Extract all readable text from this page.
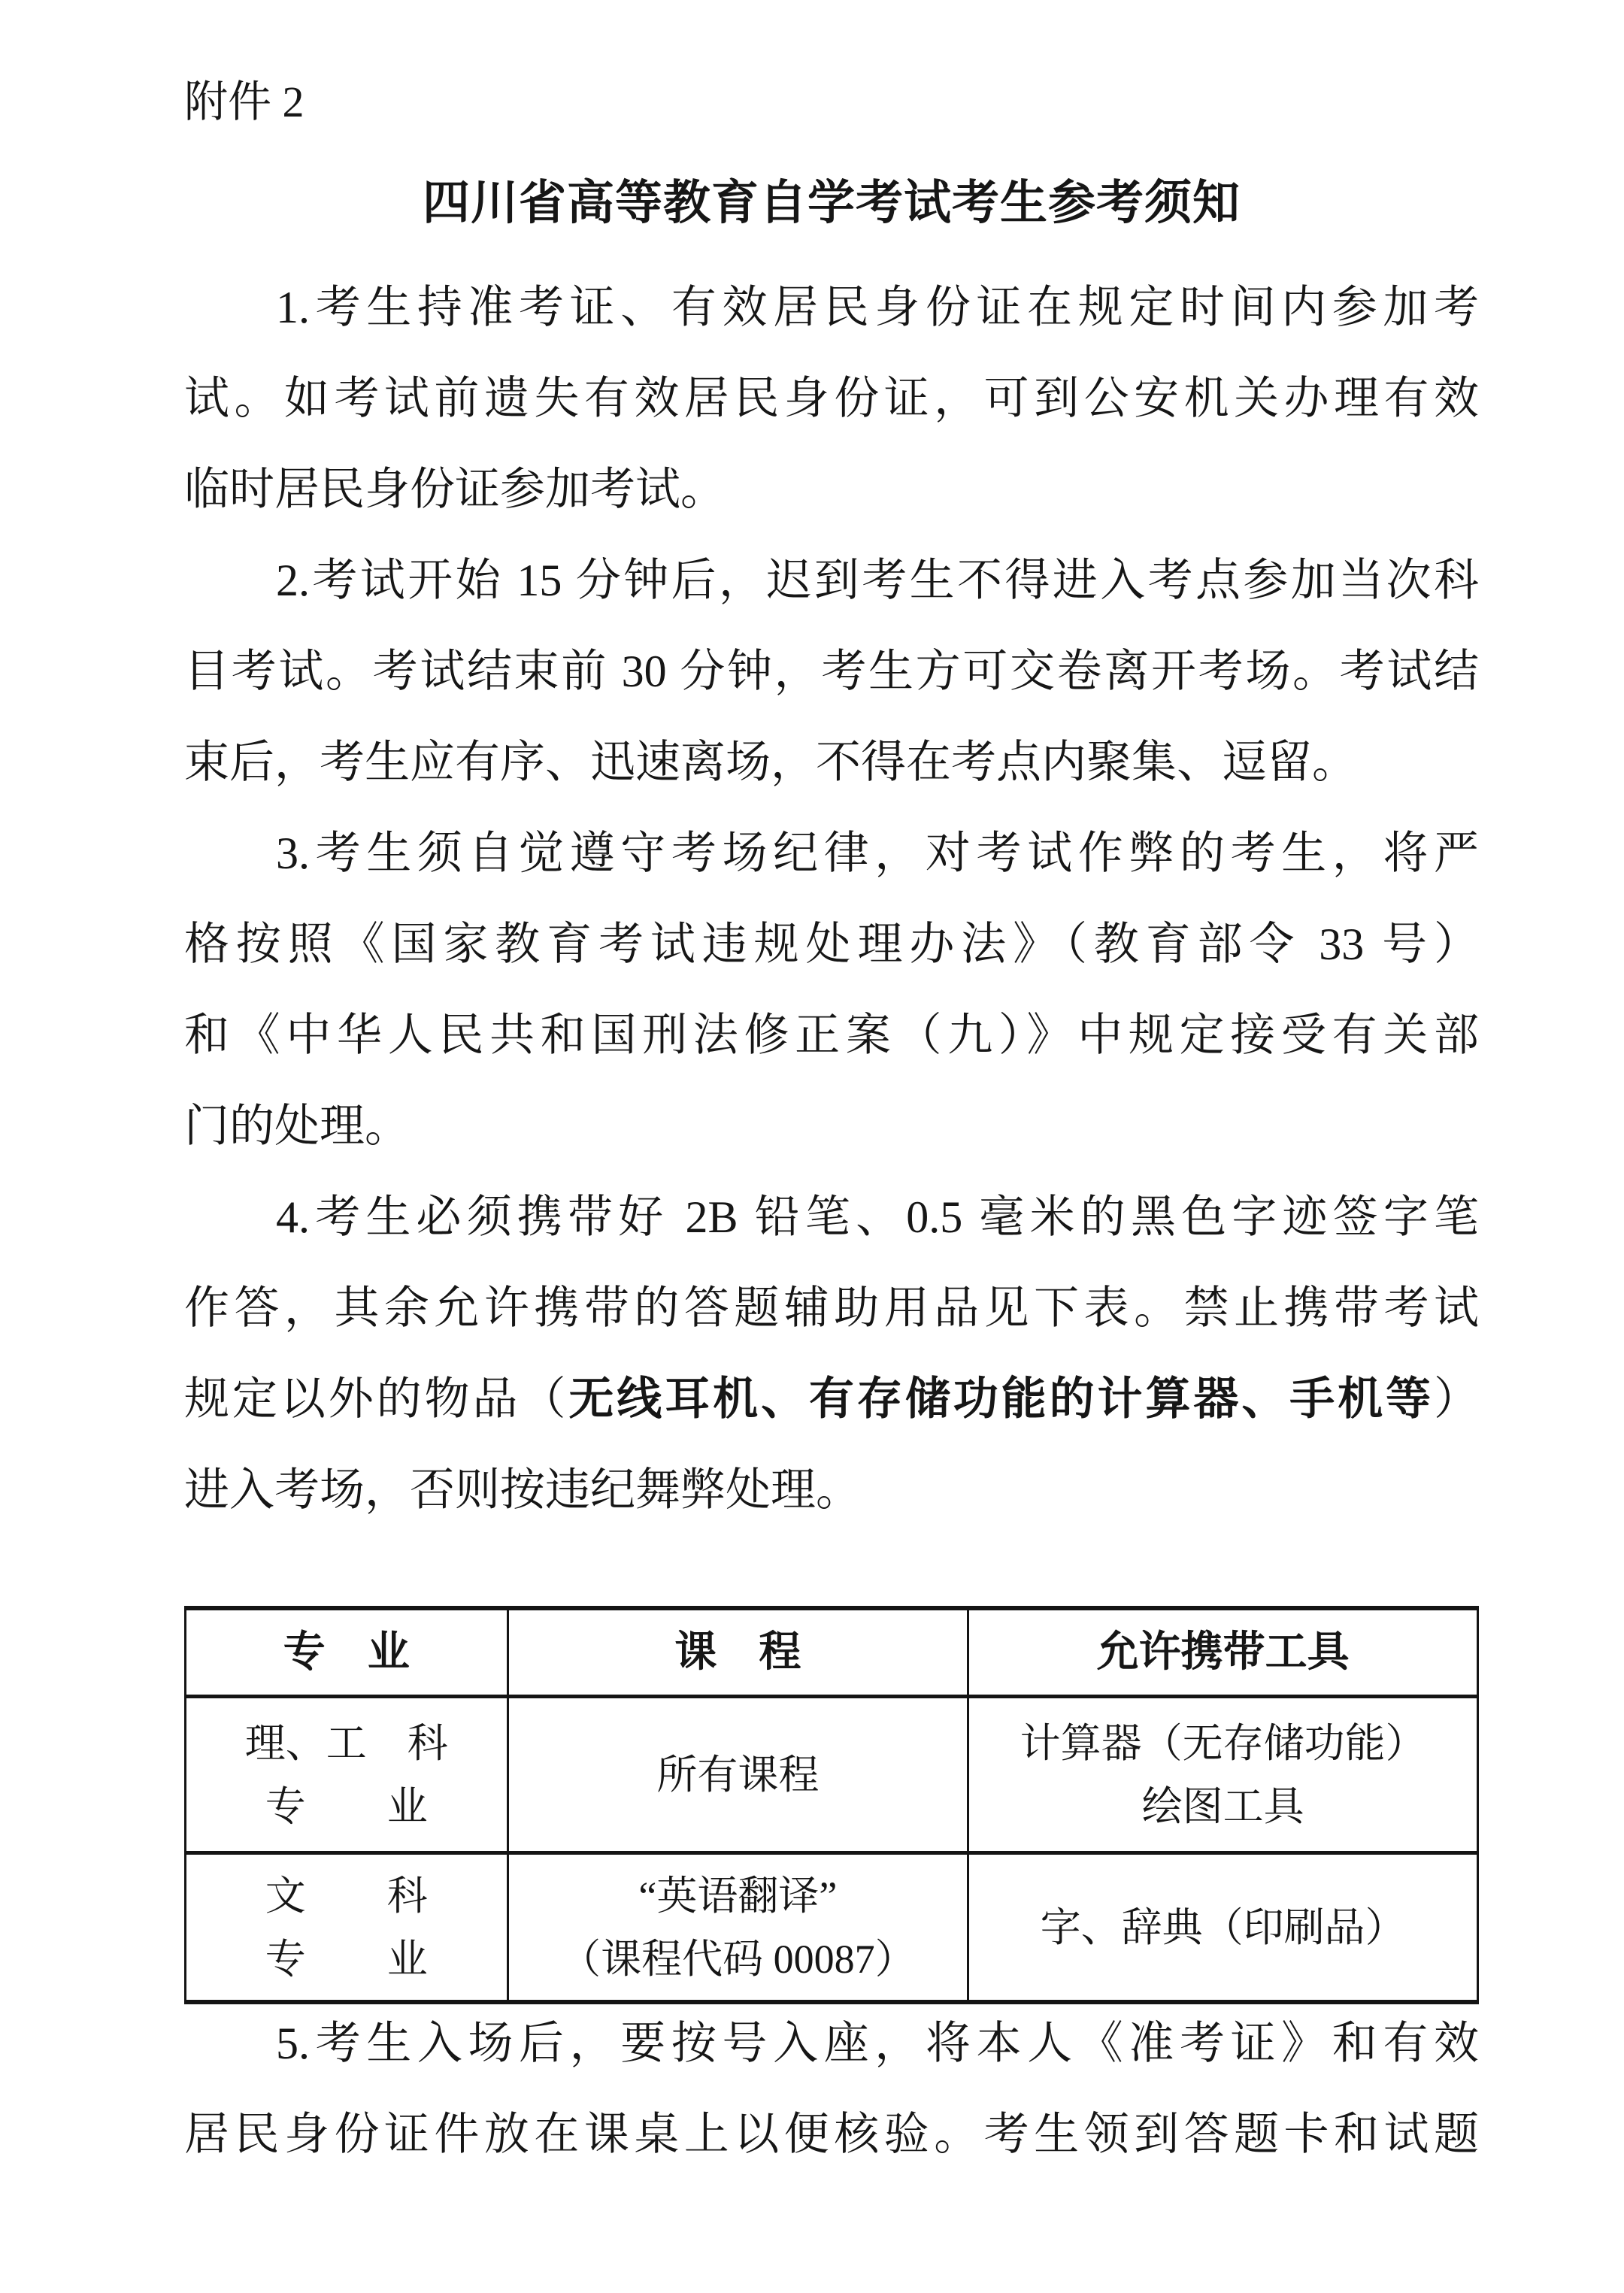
附件 2
四川省高等教育自学考试考生参考须知
1.考生持准考证、有效居民身份证在规定时间内参加考
试。如考试前遗失有效居民身份证，可到公安机关办理有效
临时居民身份证参加考试。
2.考试开始 15 分钟后，迟到考生不得进入考点参加当次科
目考试。考试结束前 30 分钟，考生方可交卷离开考场。考试结
束后，考生应有序、迅速离场，不得在考点内聚集、逗留。
3.考生须自觉遵守考场纪律，对考试作弊的考生，将严
格按照《国家教育考试违规处理办法》（教育部令 33 号）
和《中华人民共和国刑法修正案（九）》中规定接受有关部
门的处理。
4.考生必须携带好 2B 铅笔、0.5 毫米的黑色字迹签字笔
作答，其余允许携带的答题辅助用品见下表。禁止携带考试
规定以外的物品（无线耳机、有存储功能的计算器、手机等）
进入考场，否则按违纪舞弊处理。
专　业	课　程	允许携带工具
理、工　科
专　　业
所有课程
计算器（无存储功能）
绘图工具
文　　科
专　　业
“英语翻译”
（课程代码 00087）
字、辞典（印刷品）
5.考生入场后，要按号入座，将本人《准考证》和有效
居民身份证件放在课桌上以便核验。考生领到答题卡和试题
